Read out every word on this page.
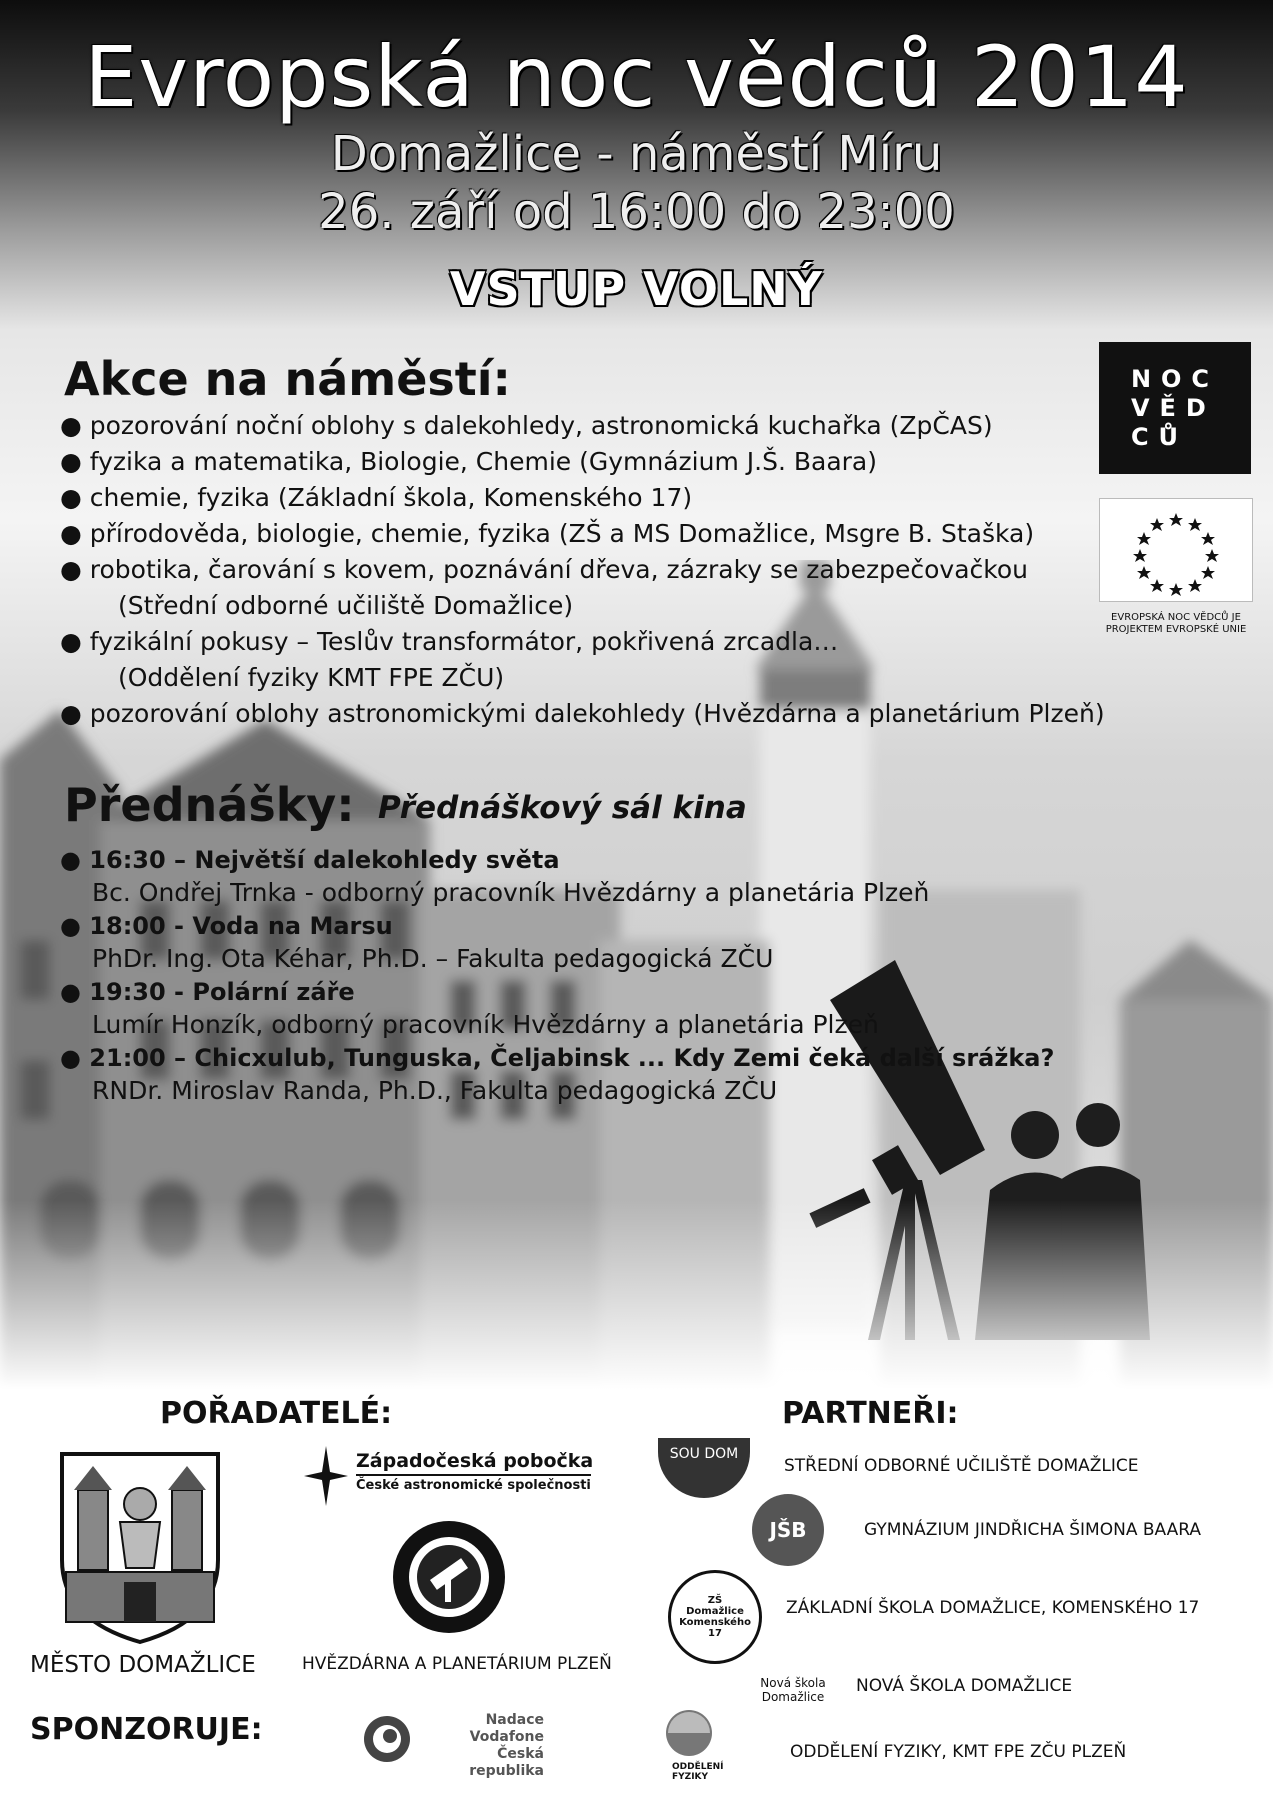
Evropská noc vědců 2014
Domažlice - náměstí Míru
26. září od 16:00 do 23:00
VSTUP VOLNÝ
NOC
VĚD
CŮ
EVROPSKÁ NOC VĚDCŮ JE PROJEKTEM EVROPSKÉ UNIE
Akce na náměstí:
● pozorování noční oblohy s dalekohledy, astronomická kuchařka (ZpČAS)
● fyzika a matematika, Biologie, Chemie (Gymnázium J.Š. Baara)
● chemie, fyzika (Základní škola, Komenského 17)
● přírodověda, biologie, chemie, fyzika (ZŠ a MS Domažlice, Msgre B. Staška)
● robotika, čarování s kovem, poznávání dřeva, zázraky se zabezpečovačkou
(Střední odborné učiliště Domažlice)
● fyzikální pokusy – Teslův transformátor, pokřivená zrcadla…
(Oddělení fyziky KMT FPE ZČU)
● pozorování oblohy astronomickými dalekohledy (Hvězdárna a planetárium Plzeň)
Přednášky: Přednáškový sál kina
● 16:30 – Největší dalekohledy světa
Bc. Ondřej Trnka - odborný pracovník Hvězdárny a planetária Plzeň
● 18:00 - Voda na Marsu
PhDr. Ing. Ota Kéhar, Ph.D. – Fakulta pedagogická ZČU
● 19:30 - Polární záře
Lumír Honzík, odborný pracovník Hvězdárny a planetária Plzeň
● 21:00 – Chicxulub, Tunguska, Čeljabinsk ... Kdy Zemi čeká další srážka?
RNDr. Miroslav Randa, Ph.D., Fakulta pedagogická ZČU
POŘADATELÉ:	PARTNEŘI:
SPONZORUJE:
MĚSTO DOMAŽLICE
Západočeská pobočka
České astronomické společnosti
HVĚZDÁRNA A PLANETÁRIUM PLZEŇ
Nadace
Vodafone
Česká republika
SOU DOM
STŘEDNÍ ODBORNÉ UČILIŠTĚ DOMAŽLICE
JŠB	GYMNÁZIUM JINDŘICHA ŠIMONA BAARA
ZŠ Domažlice Komenského 17
ZÁKLADNÍ ŠKOLA DOMAŽLICE, KOMENSKÉHO 17
Nová škola Domažlice
NOVÁ ŠKOLA DOMAŽLICE
ODDĚLENÍ FYZIKY
ODDĚLENÍ FYZIKY, KMT FPE ZČU PLZEŇ
